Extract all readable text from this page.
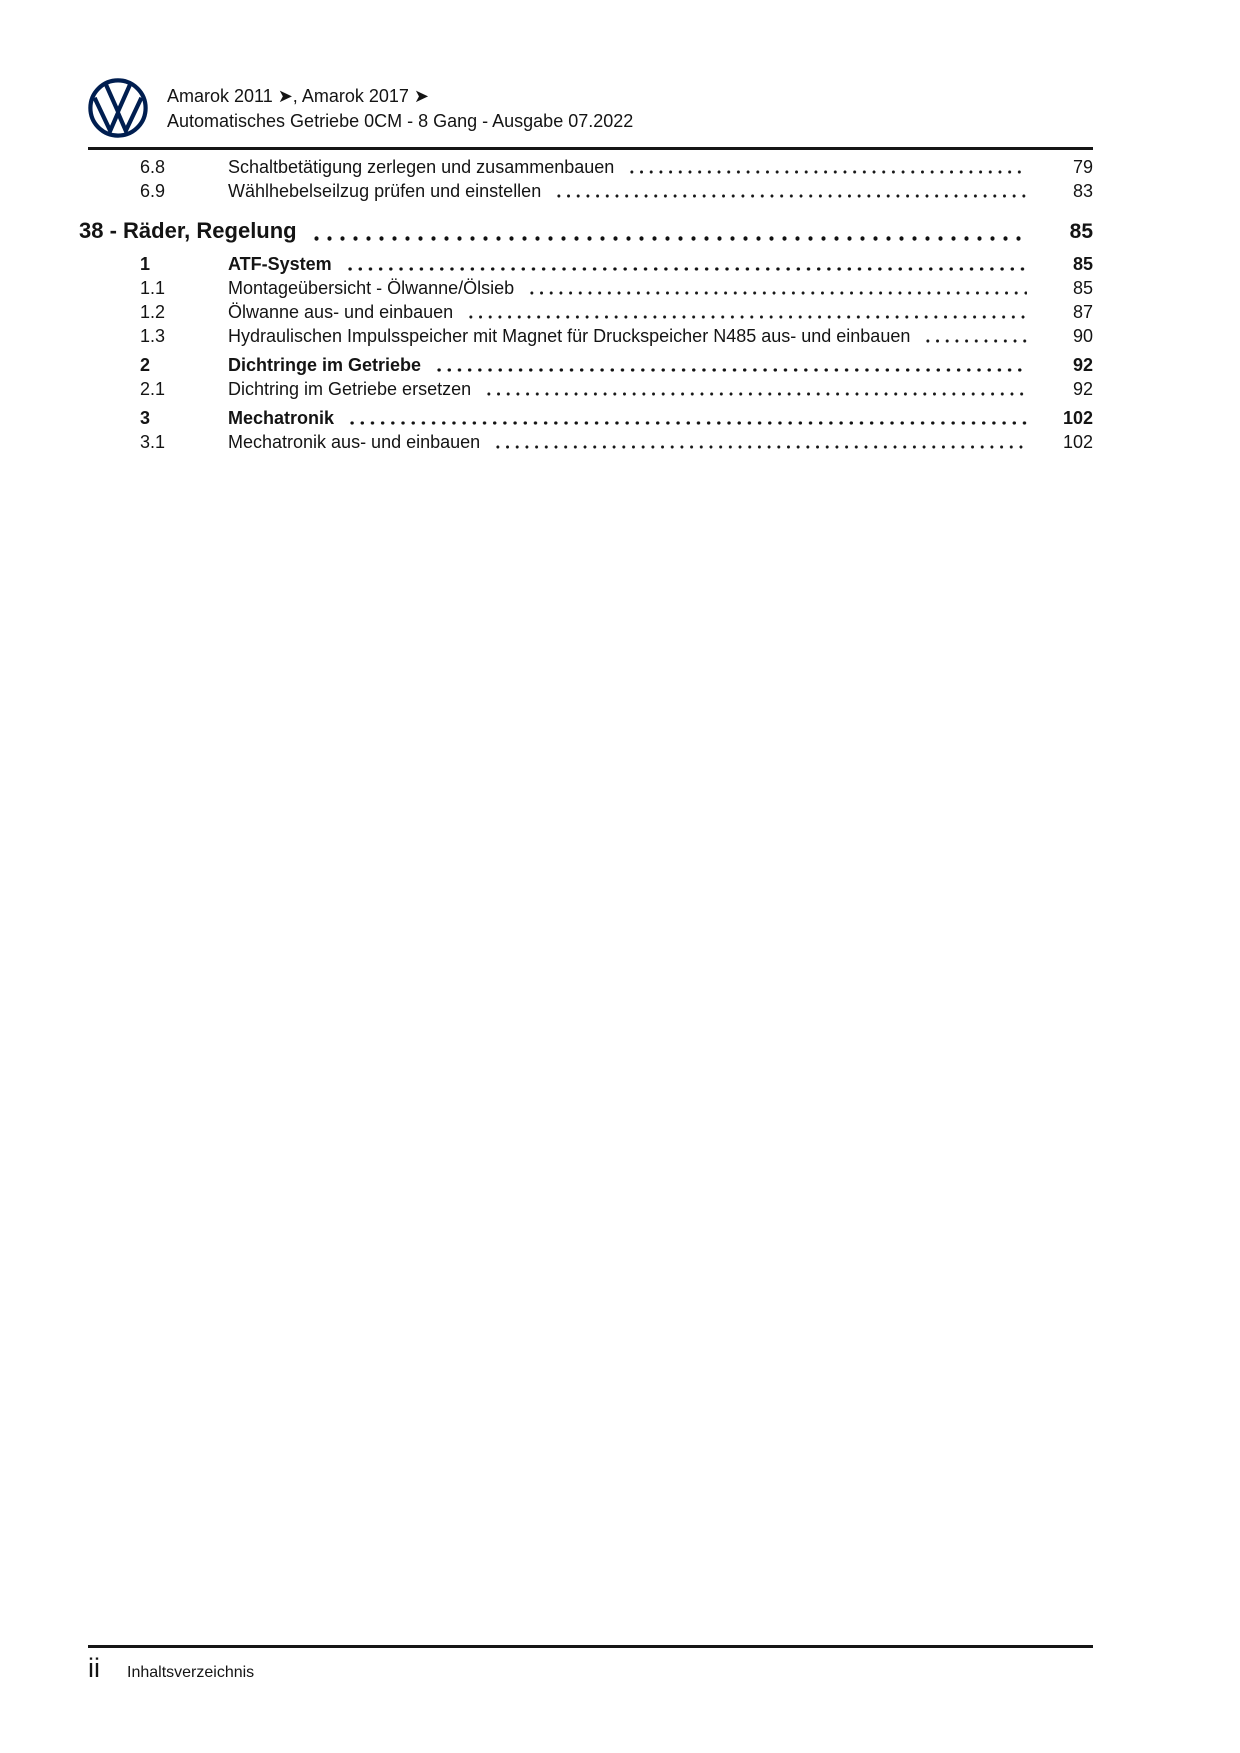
Amarok 2011 ➤, Amarok 2017 ➤
Automatisches Getriebe 0CM - 8 Gang - Ausgabe 07.2022
6.8	Schaltbetätigung zerlegen und zusammenbauen	79
6.9	Wählhebelseilzug prüfen und einstellen	83
38 - Räder, Regelung	85
1	ATF-System	85
1.1	Montageübersicht - Ölwanne/Ölsieb	85
1.2	Ölwanne aus- und einbauen	87
1.3	Hydraulischen Impulsspeicher mit Magnet für Druckspeicher N485 aus- und einbauen	90
2	Dichtringe im Getriebe	92
2.1	Dichtring im Getriebe ersetzen	92
3	Mechatronik	102
3.1	Mechatronik aus- und einbauen	102
ii Inhaltsverzeichnis
